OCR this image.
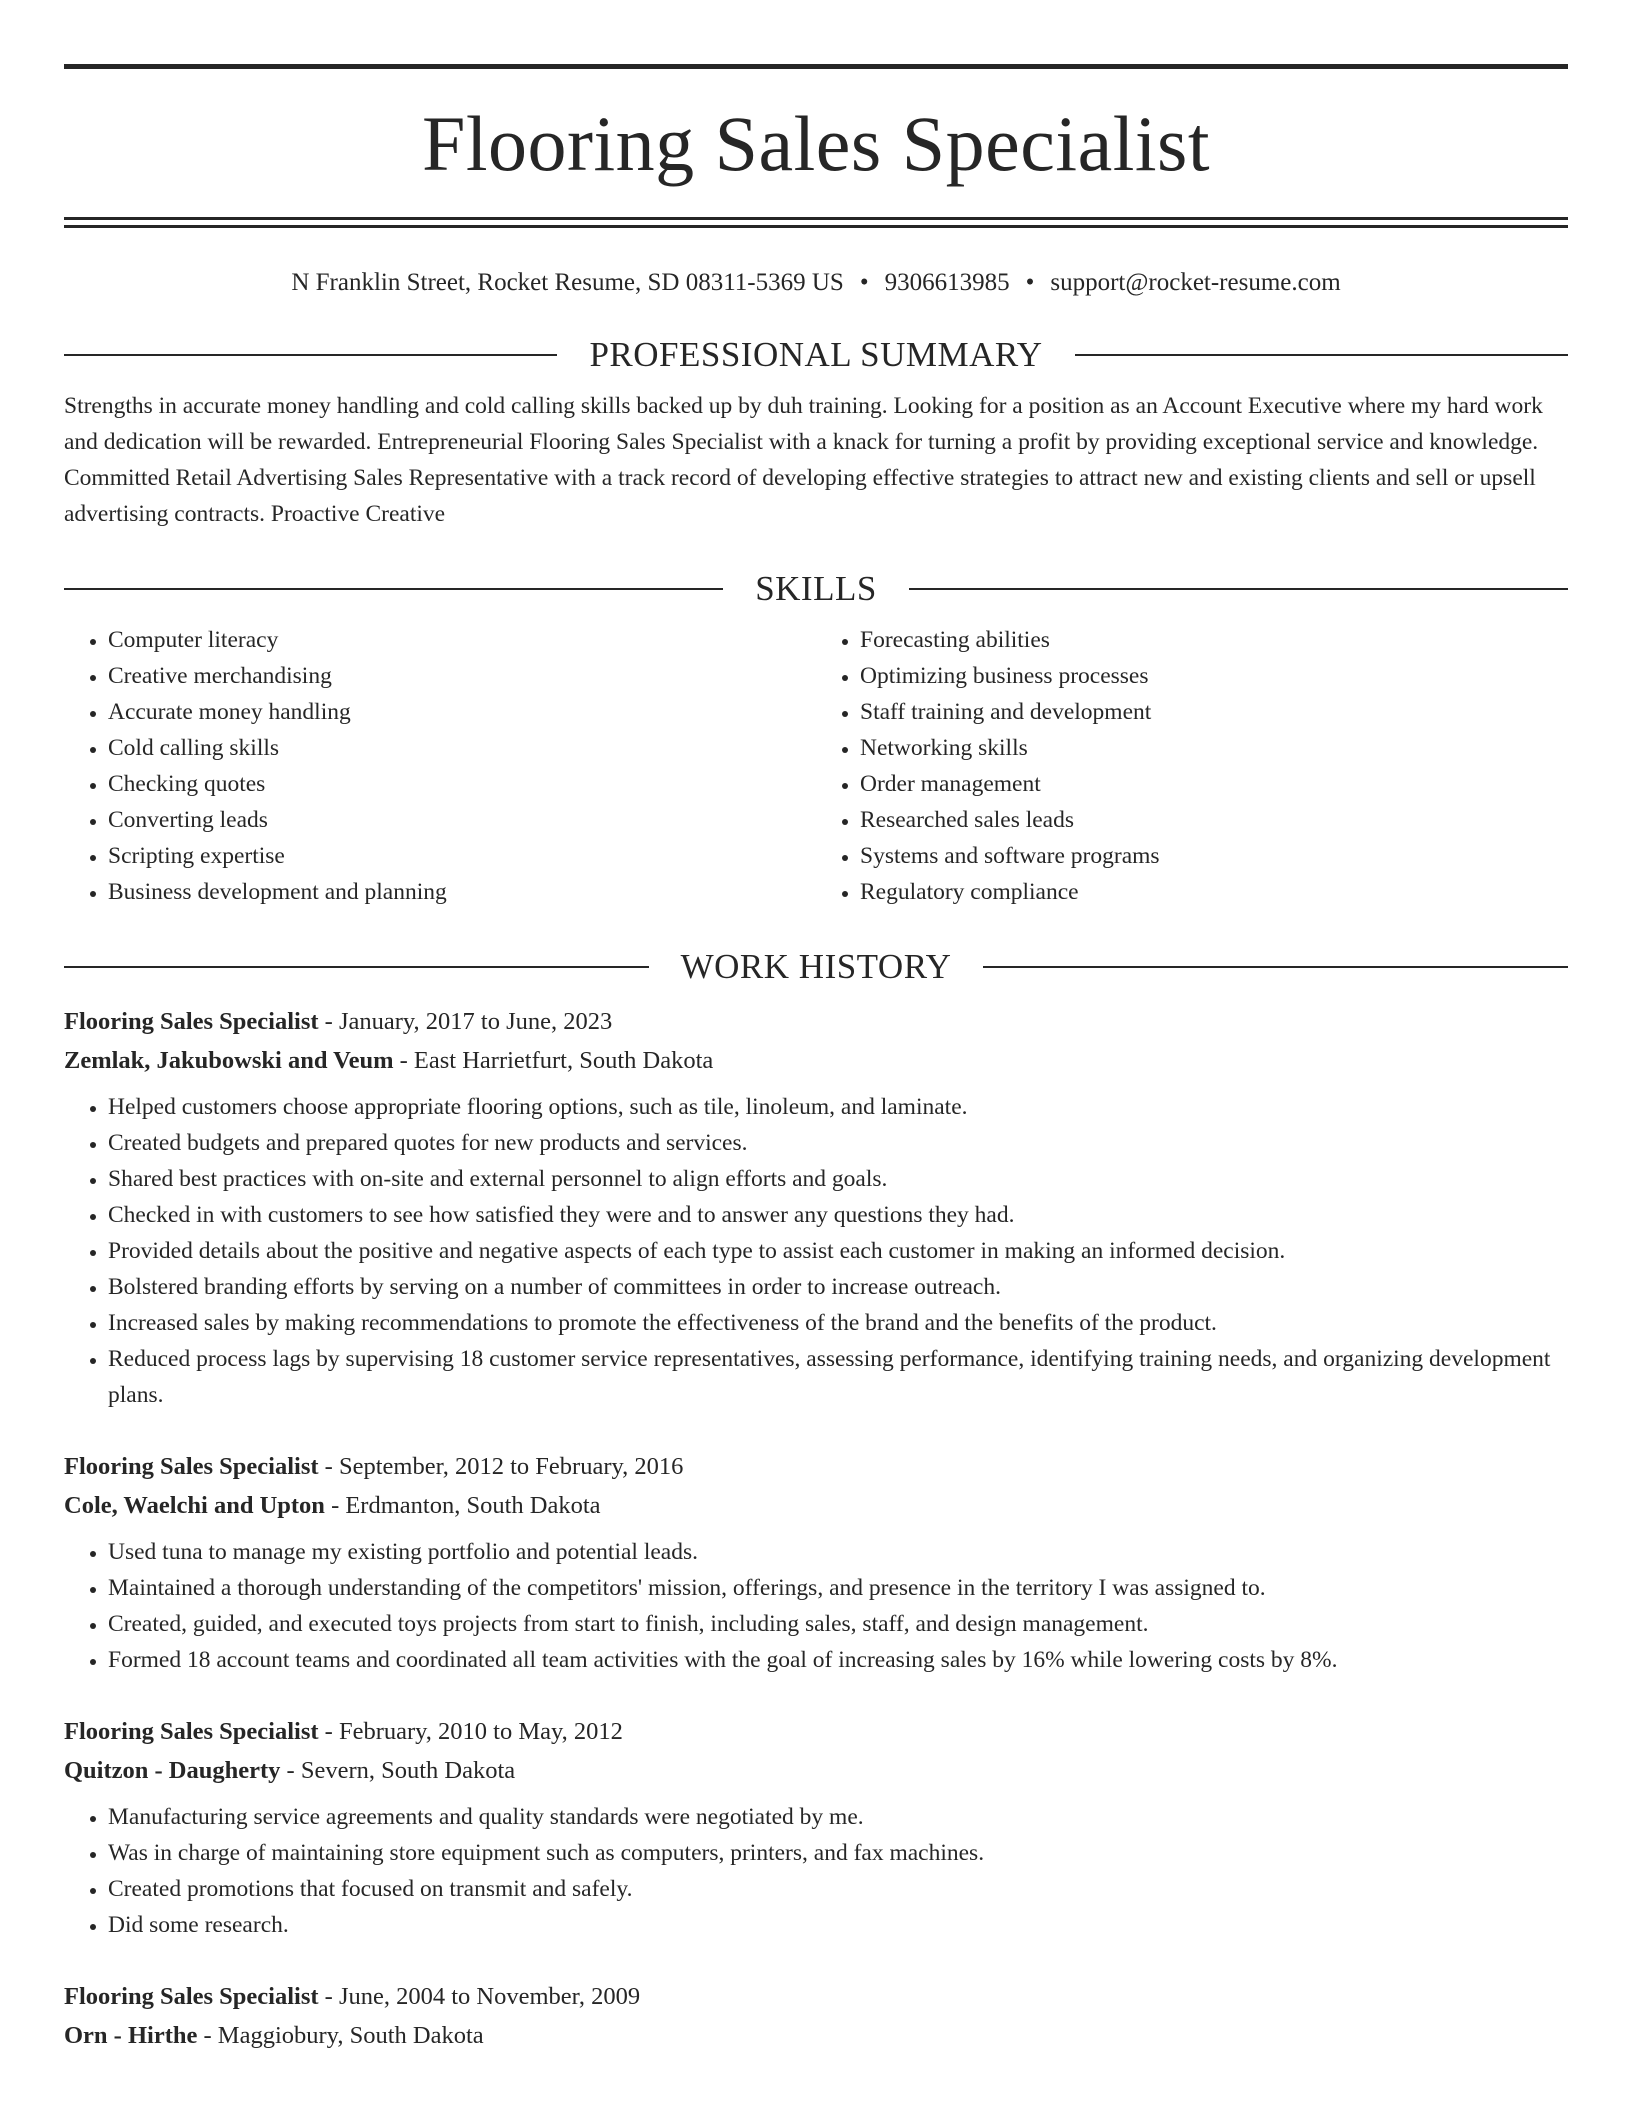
Flooring Sales Specialist
N Franklin Street, Rocket Resume, SD 08311-5369 US • 9306613985 • support@rocket-resume.com
PROFESSIONAL SUMMARY
Strengths in accurate money handling and cold calling skills backed up by duh training. Looking for a position as an Account Executive where my hard work and dedication will be rewarded. Entrepreneurial Flooring Sales Specialist with a knack for turning a profit by providing exceptional service and knowledge. Committed Retail Advertising Sales Representative with a track record of developing effective strategies to attract new and existing clients and sell or upsell advertising contracts. Proactive Creative
SKILLS
• Computer literacy
• Creative merchandising
• Accurate money handling
• Cold calling skills
• Checking quotes
• Converting leads
• Scripting expertise
• Business development and planning
• Forecasting abilities
• Optimizing business processes
• Staff training and development
• Networking skills
• Order management
• Researched sales leads
• Systems and software programs
• Regulatory compliance
WORK HISTORY
Flooring Sales Specialist - January, 2017 to June, 2023
Zemlak, Jakubowski and Veum - East Harrietfurt, South Dakota
• Helped customers choose appropriate flooring options, such as tile, linoleum, and laminate.
• Created budgets and prepared quotes for new products and services.
• Shared best practices with on-site and external personnel to align efforts and goals.
• Checked in with customers to see how satisfied they were and to answer any questions they had.
• Provided details about the positive and negative aspects of each type to assist each customer in making an informed decision.
• Bolstered branding efforts by serving on a number of committees in order to increase outreach.
• Increased sales by making recommendations to promote the effectiveness of the brand and the benefits of the product.
• Reduced process lags by supervising 18 customer service representatives, assessing performance, identifying training needs, and organizing development plans.
Flooring Sales Specialist - September, 2012 to February, 2016
Cole, Waelchi and Upton - Erdmanton, South Dakota
• Used tuna to manage my existing portfolio and potential leads.
• Maintained a thorough understanding of the competitors' mission, offerings, and presence in the territory I was assigned to.
• Created, guided, and executed toys projects from start to finish, including sales, staff, and design management.
• Formed 18 account teams and coordinated all team activities with the goal of increasing sales by 16% while lowering costs by 8%.
Flooring Sales Specialist - February, 2010 to May, 2012
Quitzon - Daugherty - Severn, South Dakota
• Manufacturing service agreements and quality standards were negotiated by me.
• Was in charge of maintaining store equipment such as computers, printers, and fax machines.
• Created promotions that focused on transmit and safely.
• Did some research.
Flooring Sales Specialist - June, 2004 to November, 2009
Orn - Hirthe - Maggiobury, South Dakota
